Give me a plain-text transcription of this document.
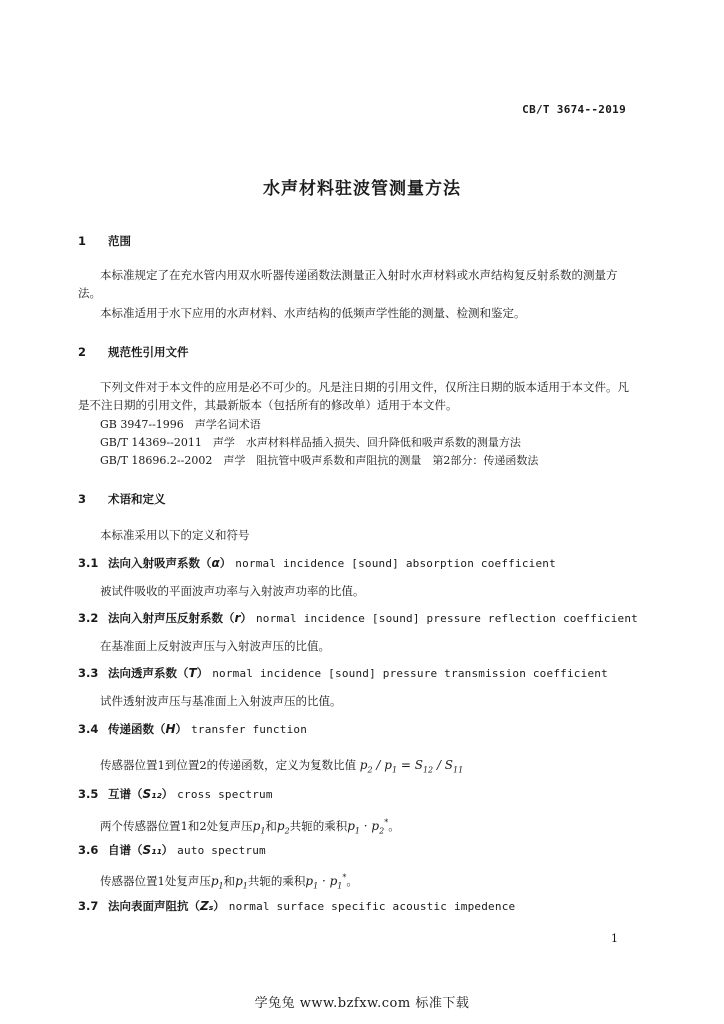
CB/T 3674--2019
水声材料驻波管测量方法
1 范围
本标准规定了在充水管内用双水听器传递函数法测量正入射时水声材料或水声结构复反射系数的测量方法。
本标准适用于水下应用的水声材料、水声结构的低频声学性能的测量、检测和鉴定。
2 规范性引用文件
下列文件对于本文件的应用是必不可少的。凡是注日期的引用文件，仅所注日期的版本适用于本文件。凡是不注日期的引用文件，其最新版本（包括所有的修改单）适用于本文件。
GB 3947--1996　声学名词术语
GB/T 14369--2011　声学　水声材料样品插入损失、回升降低和吸声系数的测量方法
GB/T 18696.2--2002　声学　阻抗管中吸声系数和声阻抗的测量　第2部分：传递函数法
3 术语和定义
本标准采用以下的定义和符号
3.1 法向入射吸声系数（α） normal incidence [sound] absorption coefficient
被试件吸收的平面波声功率与入射波声功率的比值。
3.2 法向入射声压反射系数（r） normal incidence [sound] pressure reflection coefficient
在基准面上反射波声压与入射波声压的比值。
3.3 法向透声系数（T） normal incidence [sound] pressure transmission coefficient
试件透射波声压与基准面上入射波声压的比值。
3.4 传递函数（H） transfer function
传感器位置1到位置2的传递函数，定义为复数比值 $p_2 / p_1 = S_{12} / S_{11}$
3.5 互谱（S₁₂） cross spectrum
两个传感器位置1和2处复声压$p_1$和$p_2$共轭的乘积$p_1 \cdot p_2^*$。
3.6 自谱（S₁₁） auto spectrum
传感器位置1处复声压$p_1$和$p_1$共轭的乘积$p_1 \cdot p_1^*$。
3.7 法向表面声阻抗（Zₛ） normal surface specific acoustic impedence
1
学兔兔 www.bzfxw.com 标准下载
